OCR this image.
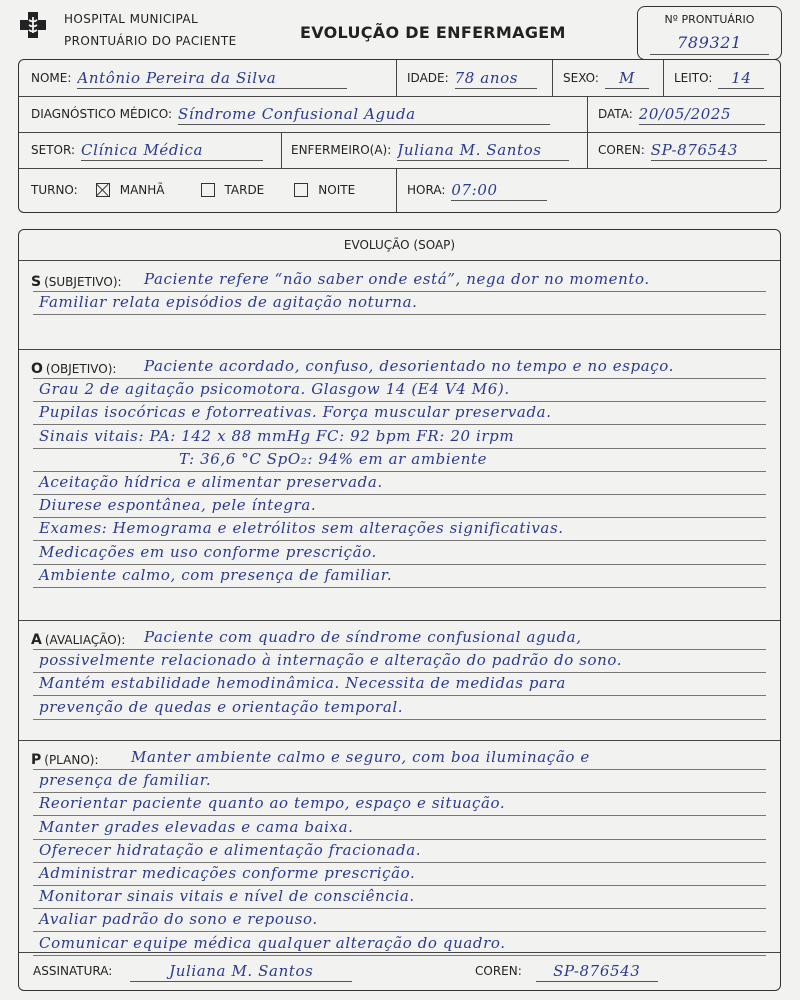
HOSPITAL MUNICIPAL
PRONTUÁRIO DO PACIENTE	EVOLUÇÃO DE ENFERMAGEM
Nº PRONTUÁRIO
789321
NOME: Antônio Pereira da Silva	IDADE: 78 anos	SEXO:	M	LEITO:	14
DIAGNÓSTICO MÉDICO: Síndrome Confusional Aguda	DATA: 20/05/2025
SETOR: Clínica Médica	ENFERMEIRO(A): Juliana M. Santos	COREN: SP-876543
TURNO:	MANHÃ	TARDE	NOITE	HORA: 07:00
EVOLUÇÃO (SOAP)
S (SUBJETIVO): Paciente refere “não saber onde está”, nega dor no momento.
Familiar relata episódios de agitação noturna.
O (OBJETIVO): Paciente acordado, confuso, desorientado no tempo e no espaço.
Grau 2 de agitação psicomotora. Glasgow 14 (E4 V4 M6).
Pupilas isocóricas e fotorreativas. Força muscular preservada.
Sinais vitais: PA: 142 x 88 mmHg FC: 92 bpm FR: 20 irpm
T: 36,6 °C SpO₂: 94% em ar ambiente
Aceitação hídrica e alimentar preservada.
Diurese espontânea, pele íntegra.
Exames: Hemograma e eletrólitos sem alterações significativas.
Medicações em uso conforme prescrição.
Ambiente calmo, com presença de familiar.
A (AVALIAÇÃO): Paciente com quadro de síndrome confusional aguda,
possivelmente relacionado à internação e alteração do padrão do sono.
Mantém estabilidade hemodinâmica. Necessita de medidas para
prevenção de quedas e orientação temporal.
P (PLANO): Manter ambiente calmo e seguro, com boa iluminação e
presença de familiar.
Reorientar paciente quanto ao tempo, espaço e situação.
Manter grades elevadas e cama baixa.
Oferecer hidratação e alimentação fracionada.
Administrar medicações conforme prescrição.
Monitorar sinais vitais e nível de consciência.
Avaliar padrão do sono e repouso.
Comunicar equipe médica qualquer alteração do quadro.
ASSINATURA:	Juliana M. Santos	COREN:	SP-876543
